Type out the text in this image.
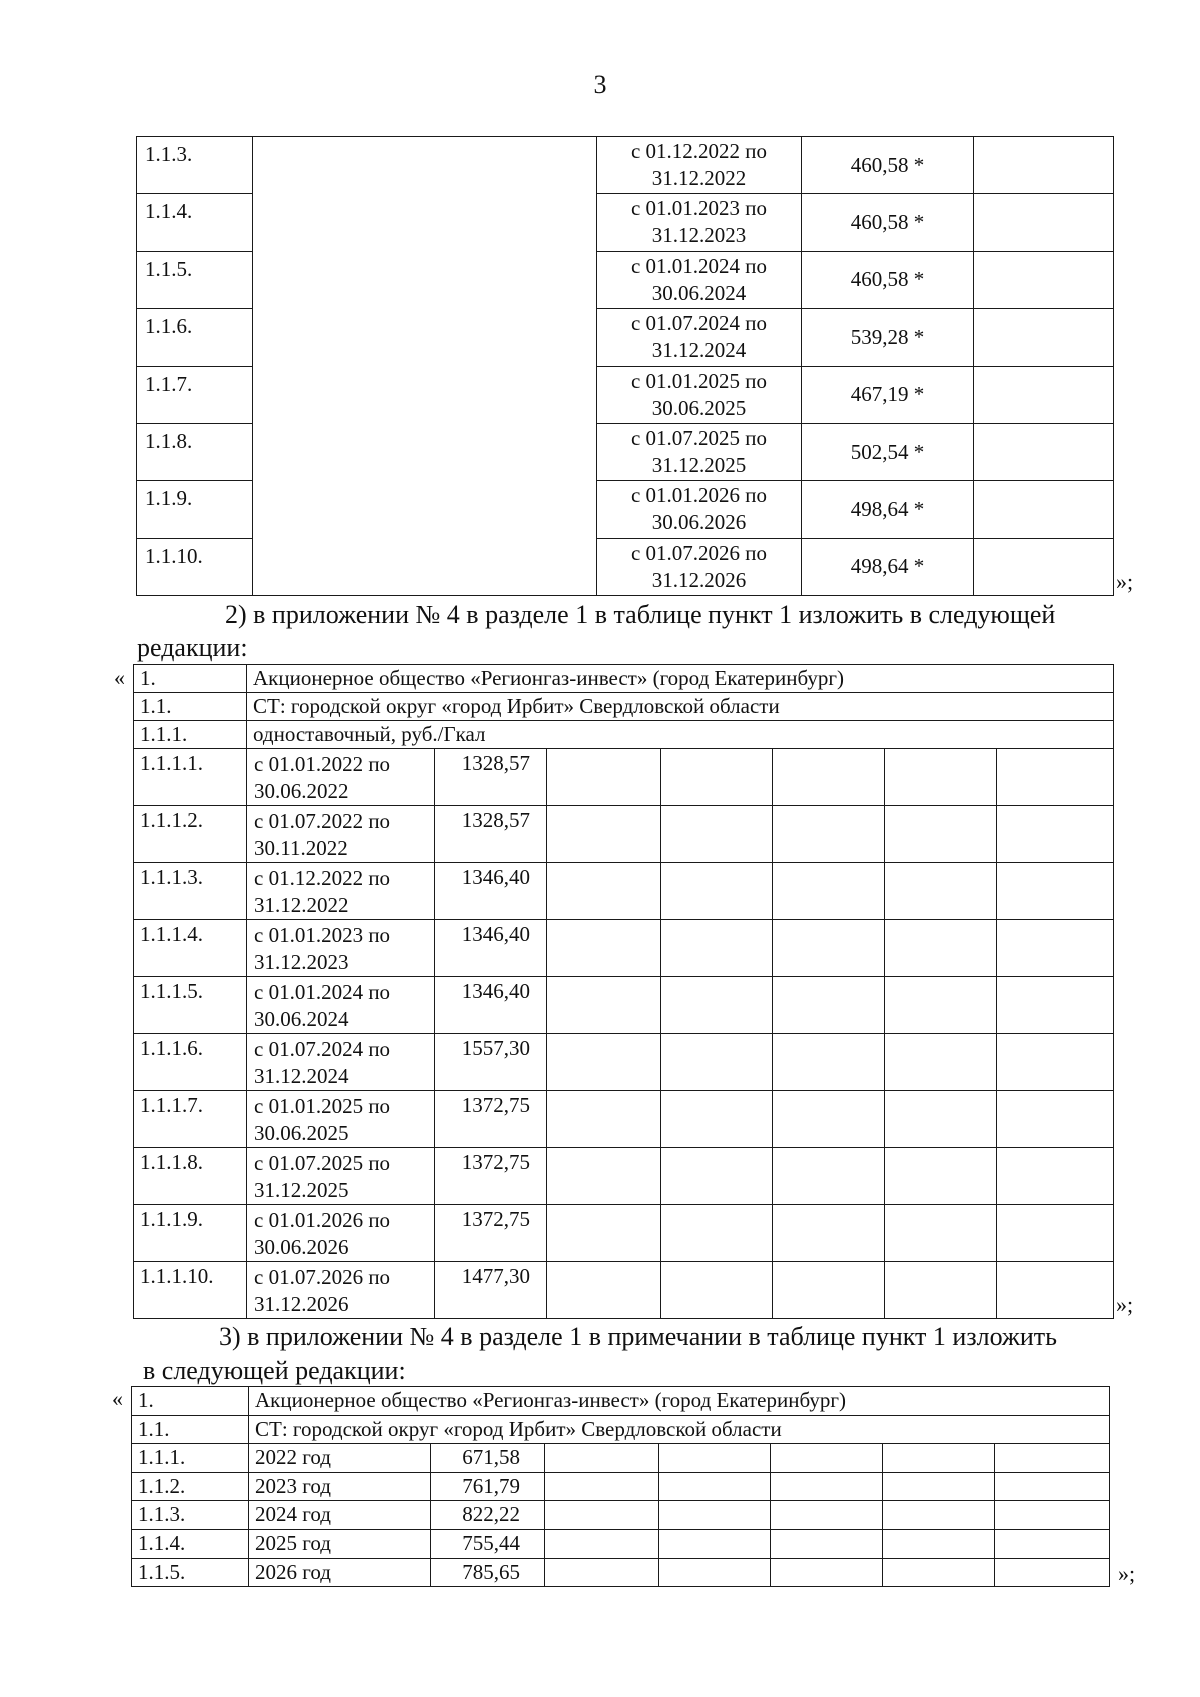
3
1.1.3.		с 01.12.2022 по
31.12.2022	460,58 *	
1.1.4.		с 01.01.2023 по
31.12.2023	460,58 *	
1.1.5.		с 01.01.2024 по
30.06.2024	460,58 *	
1.1.6.		с 01.07.2024 по
31.12.2024	539,28 *	
1.1.7.		с 01.01.2025 по
30.06.2025	467,19 *	
1.1.8.		с 01.07.2025 по
31.12.2025	502,54 *	
1.1.9.		с 01.01.2026 по
30.06.2026	498,64 *	
1.1.10.		с 01.07.2026 по
31.12.2026	498,64 *	
»;
2) в приложении № 4 в разделе 1 в таблице пункт 1 изложить в следующей
редакции:
« 1.	Акционерное общество «Регионгаз-инвест» (город Екатеринбург)						
1.1.	СТ: городской округ «город Ирбит» Свердловской области						
1.1.1.	одноставочный, руб./Гкал						
1.1.1.1.	с 01.01.2022 по
30.06.2022	1328,57					
1.1.1.2.	с 01.07.2022 по
30.11.2022	1328,57					
1.1.1.3.	с 01.12.2022 по
31.12.2022	1346,40					
1.1.1.4.	с 01.01.2023 по
31.12.2023	1346,40					
1.1.1.5.	с 01.01.2024 по
30.06.2024	1346,40					
1.1.1.6.	с 01.07.2024 по
31.12.2024	1557,30					
1.1.1.7.	с 01.01.2025 по
30.06.2025	1372,75					
1.1.1.8.	с 01.07.2025 по
31.12.2025	1372,75					
1.1.1.9.	с 01.01.2026 по
30.06.2026	1372,75					
1.1.1.10.	с 01.07.2026 по
31.12.2026	1477,30					
»;
3) в приложении № 4 в разделе 1 в примечании в таблице пункт 1 изложить
в следующей редакции:
« 1.	Акционерное общество «Регионгаз-инвест» (город Екатеринбург)						
1.1.	СТ: городской округ «город Ирбит» Свердловской области						
1.1.1.	2022 год	671,58					
1.1.2.	2023 год	761,79					
1.1.3.	2024 год	822,22					
1.1.4.	2025 год	755,44					
1.1.5.	2026 год	785,65						»;
